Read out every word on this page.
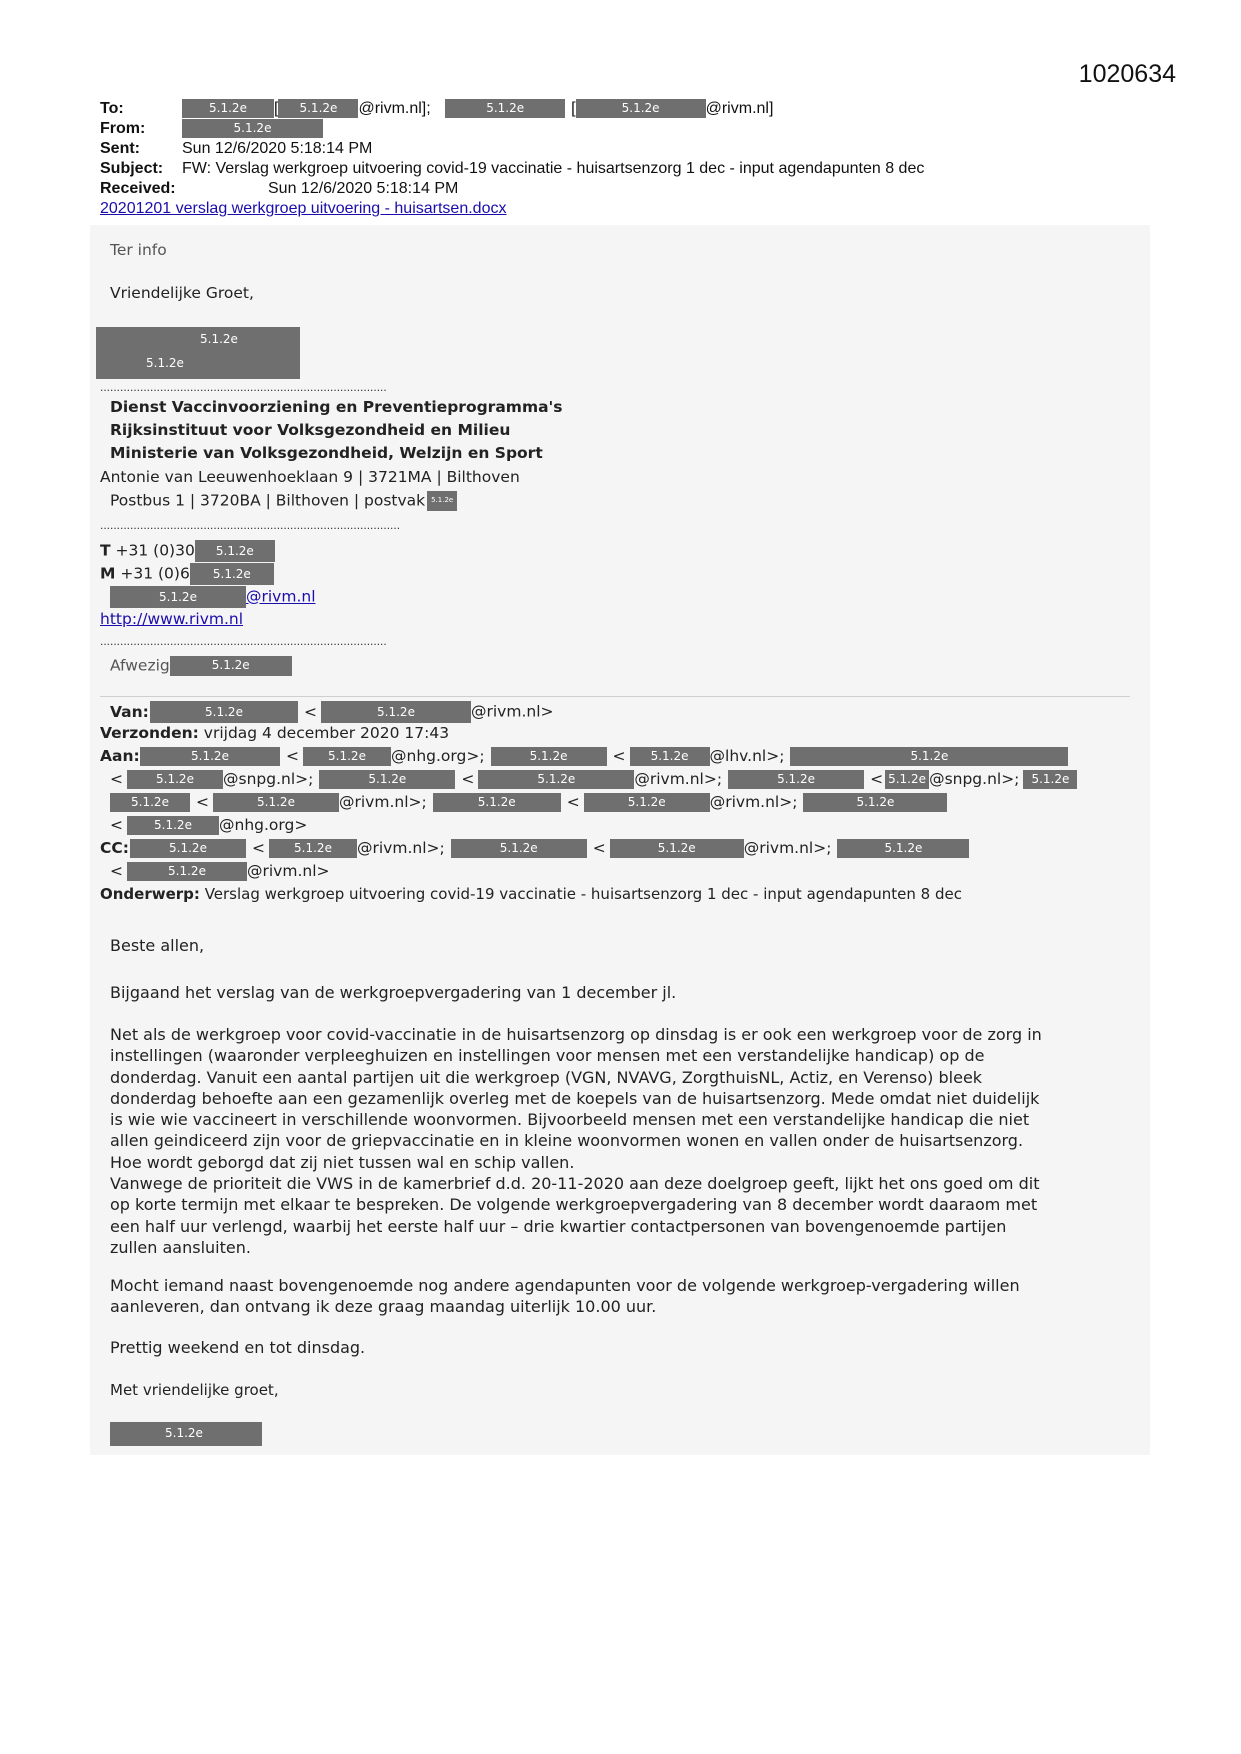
1020634
To:	5.1.2e [ 5.1.2e @rivm.nl];	5.1.2e	[	5.1.2e	@rivm.nl]
From:	5.1.2e
Sent:	Sun 12/6/2020 5:18:14 PM
Subject: FW: Verslag werkgroep uitvoering covid-19 vaccinatie - huisartsenzorg 1 dec - input agendapunten 8 dec
Received:	Sun 12/6/2020 5:18:14 PM
20201201 verslag werkgroep uitvoering - huisartsen.docx
Ter info
Vriendelijke Groet,
5.1.2e
5.1.2e
......................................................................................
Dienst Vaccinvoorziening en Preventieprogramma's
Rijksinstituut voor Volksgezondheid en Milieu
Ministerie van Volksgezondheid, Welzijn en Sport
Antonie van Leeuwenhoeklaan 9 | 3721MA | Bilthoven
Postbus 1 | 3720BA | Bilthoven | postvak 5.1.2e
..........................................................................................
T +31 (0)30 5.1.2e
M +31 (0)6 5.1.2e
5.1.2e	@rivm.nl
http://www.rivm.nl
......................................................................................
Afwezig	5.1.2e
Van:	5.1.2e	<	5.1.2e	@rivm.nl>
Verzonden: vrijdag 4 december 2020 17:43
Aan:	5.1.2e	< 5.1.2e @nhg.org>;	5.1.2e	< 5.1.2e @lhv.nl>;	5.1.2e
<	5.1.2e @snpg.nl>;	5.1.2e	<	5.1.2e	@rivm.nl>;	5.1.2e	< 5.1.2e @snpg.nl>; 5.1.2e
5.1.2e <	5.1.2e	@rivm.nl>;	5.1.2e	<	5.1.2e	@rivm.nl>;	5.1.2e
<	5.1.2e @nhg.org>
CC:	5.1.2e	< 5.1.2e @rivm.nl>;	5.1.2e	<	5.1.2e	@rivm.nl>;	5.1.2e
<	5.1.2e	@rivm.nl>
Onderwerp: Verslag werkgroep uitvoering covid-19 vaccinatie - huisartsenzorg 1 dec - input agendapunten 8 dec
Beste allen,
Bijgaand het verslag van de werkgroepvergadering van 1 december jl.
Net als de werkgroep voor covid-vaccinatie in de huisartsenzorg op dinsdag is er ook een werkgroep voor de zorg in
instellingen (waaronder verpleeghuizen en instellingen voor mensen met een verstandelijke handicap) op de
donderdag. Vanuit een aantal partijen uit die werkgroep (VGN, NVAVG, ZorgthuisNL, Actiz, en Verenso) bleek
donderdag behoefte aan een gezamenlijk overleg met de koepels van de huisartsenzorg. Mede omdat niet duidelijk
is wie wie vaccineert in verschillende woonvormen. Bijvoorbeeld mensen met een verstandelijke handicap die niet
allen geindiceerd zijn voor de griepvaccinatie en in kleine woonvormen wonen en vallen onder de huisartsenzorg.
Hoe wordt geborgd dat zij niet tussen wal en schip vallen.
Vanwege de prioriteit die VWS in de kamerbrief d.d. 20-11-2020 aan deze doelgroep geeft, lijkt het ons goed om dit
op korte termijn met elkaar te bespreken. De volgende werkgroepvergadering van 8 december wordt daaraom met
een half uur verlengd, waarbij het eerste half uur – drie kwartier contactpersonen van bovengenoemde partijen
zullen aansluiten.
Mocht iemand naast bovengenoemde nog andere agendapunten voor de volgende werkgroep-vergadering willen
aanleveren, dan ontvang ik deze graag maandag uiterlijk 10.00 uur.
Prettig weekend en tot dinsdag.
Met vriendelijke groet,
5.1.2e
